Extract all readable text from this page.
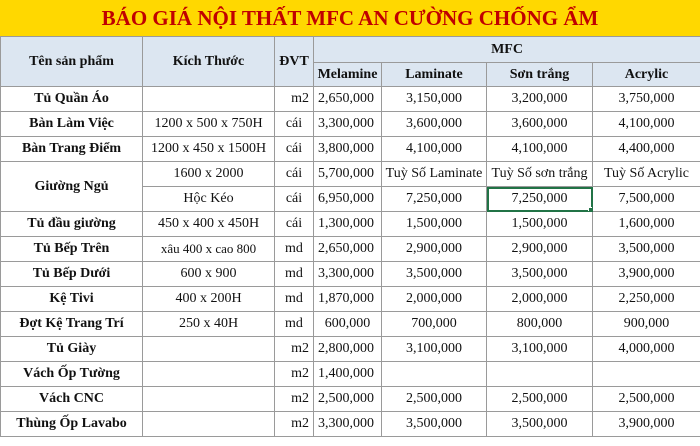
BÁO GIÁ NỘI THẤT MFC AN CƯỜNG CHỐNG ẨM
Tên sản phẩm	Kích Thước	ĐVT	MFC			
			Melamine	Laminate	Sơn trắng	Acrylic
Tủ Quần Áo		m2	2,650,000	3,150,000	3,200,000	3,750,000
Bàn Làm Việc	1200 x 500 x 750H	cái	3,300,000	3,600,000	3,600,000	4,100,000
Bàn Trang Điểm	1200 x 450 x 1500H	cái	3,800,000	4,100,000	4,100,000	4,400,000
Giường Ngủ	1600 x 2000	cái	5,700,000	Tuỳ Số Laminate	Tuỳ Số sơn trắng	Tuỳ Số Acrylic
	Hộc Kéo	cái	6,950,000	7,250,000	7,250,000	7,500,000
Tủ đầu giường	450 x 400 x 450H	cái	1,300,000	1,500,000	1,500,000	1,600,000
Tủ Bếp Trên	xâu 400 x cao 800	md	2,650,000	2,900,000	2,900,000	3,500,000
Tủ Bếp Dưới	600 x 900	md	3,300,000	3,500,000	3,500,000	3,900,000
Kệ Tivi	400 x 200H	md	1,870,000	2,000,000	2,000,000	2,250,000
Đợt Kệ Trang Trí	250 x 40H	md	600,000	700,000	800,000	900,000
Tủ Giày		m2	2,800,000	3,100,000	3,100,000	4,000,000
Vách Ốp Tường		m2	1,400,000			
Vách CNC		m2	2,500,000	2,500,000	2,500,000	2,500,000
Thùng Ốp Lavabo		m2	3,300,000	3,500,000	3,500,000	3,900,000
